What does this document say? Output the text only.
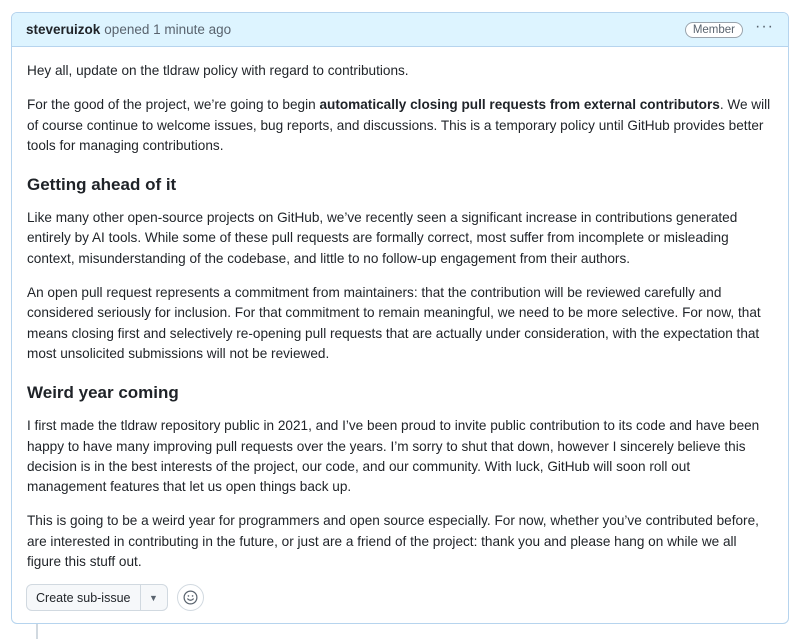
steveruizok opened 1 minute ago	Member	···

Hey all, update on the tldraw policy with regard to contributions.

For the good of the project, we’re going to begin automatically closing pull requests from external contributors. We will of course continue to welcome issues, bug reports, and discussions. This is a temporary policy until GitHub provides better tools for managing contributions.

Getting ahead of it

Like many other open-source projects on GitHub, we’ve recently seen a significant increase in contributions generated entirely by AI tools. While some of these pull requests are formally correct, most suffer from incomplete or misleading context, misunderstanding of the codebase, and little to no follow-up engagement from their authors.

An open pull request represents a commitment from maintainers: that the contribution will be reviewed carefully and considered seriously for inclusion. For that commitment to remain meaningful, we need to be more selective. For now, that means closing first and selectively re-opening pull requests that are actually under consideration, with the expectation that most unsolicited submissions will not be reviewed.

Weird year coming

I first made the tldraw repository public in 2021, and I’ve been proud to invite public contribution to its code and have been happy to have many improving pull requests over the years. I’m sorry to shut that down, however I sincerely believe this decision is in the best interests of the project, our code, and our community. With luck, GitHub will soon roll out management features that let us open things back up.

This is going to be a weird year for programmers and open source especially. For now, whether you’ve contributed before, are interested in contributing in the future, or just are a friend of the project: thank you and please hang on while we all figure this stuff out.

Create sub-issue	▼
